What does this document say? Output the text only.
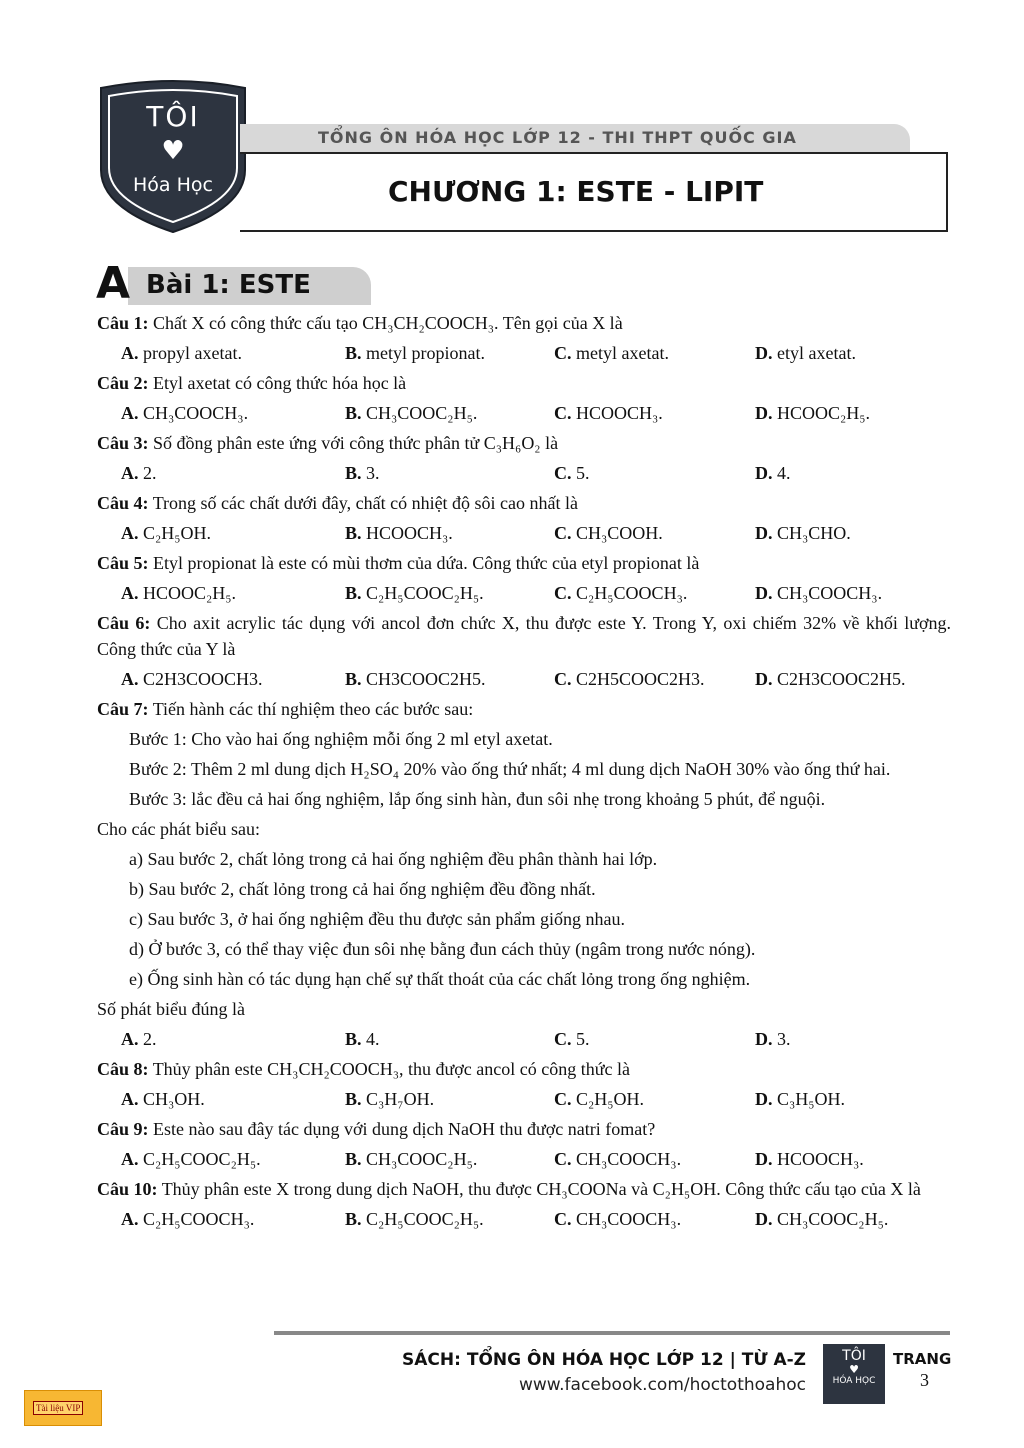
TÔI
♥
Hóa Học
TỔNG ÔN HÓA HỌC LỚP 12 - THI THPT QUỐC GIA
CHƯƠNG 1: ESTE - LIPIT
A Bài 1: ESTE

Câu 1: Chất X có công thức cấu tạo CH₃CH₂COOCH₃. Tên gọi của X là

A. propyl axetat.	B. metyl propionat.	C. metyl axetat.	D. etyl axetat.

Câu 2: Etyl axetat có công thức hóa học là

A. CH₃COOCH₃.	B. CH₃COOC₂H₅.	C. HCOOCH₃.	D. HCOOC₂H₅.

Câu 3: Số đồng phân este ứng với công thức phân tử C₃H₆O₂ là

A. 2.	B. 3.	C. 5.	D. 4.

Câu 4: Trong số các chất dưới đây, chất có nhiệt độ sôi cao nhất là

A. C₂H₅OH.	B. HCOOCH₃.	C. CH₃COOH.	D. CH₃CHO.

Câu 5: Etyl propionat là este có mùi thơm của dứa. Công thức của etyl propionat là

A. HCOOC₂H₅.	B. C₂H₅COOC₂H₅.	C. C₂H₅COOCH₃.	D. CH₃COOCH₃.

Câu 6: Cho axit acrylic tác dụng với ancol đơn chức X, thu được este Y. Trong Y, oxi chiếm 32% về khối lượng. Công thức của Y là

A. C2H3COOCH3.	B. CH3COOC2H5.	C. C2H5COOC2H3.	D. C2H3COOC2H5.

Câu 7: Tiến hành các thí nghiệm theo các bước sau:

Bước 1: Cho vào hai ống nghiệm mỗi ống 2 ml etyl axetat.

Bước 2: Thêm 2 ml dung dịch H₂SO₄ 20% vào ống thứ nhất; 4 ml dung dịch NaOH 30% vào ống thứ hai.

Bước 3: lắc đều cả hai ống nghiệm, lắp ống sinh hàn, đun sôi nhẹ trong khoảng 5 phút, để nguội.

Cho các phát biểu sau:

a) Sau bước 2, chất lỏng trong cả hai ống nghiệm đều phân thành hai lớp.

b) Sau bước 2, chất lỏng trong cả hai ống nghiệm đều đồng nhất.

c) Sau bước 3, ở hai ống nghiệm đều thu được sản phẩm giống nhau.

d) Ở bước 3, có thể thay việc đun sôi nhẹ bằng đun cách thủy (ngâm trong nước nóng).

e) Ống sinh hàn có tác dụng hạn chế sự thất thoát của các chất lỏng trong ống nghiệm.

Số phát biểu đúng là

A. 2.	B. 4.	C. 5.	D. 3.

Câu 8: Thủy phân este CH₃CH₂COOCH₃, thu được ancol có công thức là

A. CH₃OH.	B. C₃H₇OH.	C. C₂H₅OH.	D. C₃H₅OH.

Câu 9: Este nào sau đây tác dụng với dung dịch NaOH thu được natri fomat?

A. C₂H₅COOC₂H₅.	B. CH₃COOC₂H₅.	C. CH₃COOCH₃.	D. HCOOCH₃.

Câu 10: Thủy phân este X trong dung dịch NaOH, thu được CH₃COONa và C₂H₅OH. Công thức cấu tạo của X là

A. C₂H₅COOCH₃.	B. C₂H₅COOC₂H₅.	C. CH₃COOCH₃.	D. CH₃COOC₂H₅.
SÁCH: TỔNG ÔN HÓA HỌC LỚP 12 | TỪ A-Z
www.facebook.com/hoctothoahoc
TÔI
♥
HÓA HỌC
TRANG
3
Tài liệu VIP
